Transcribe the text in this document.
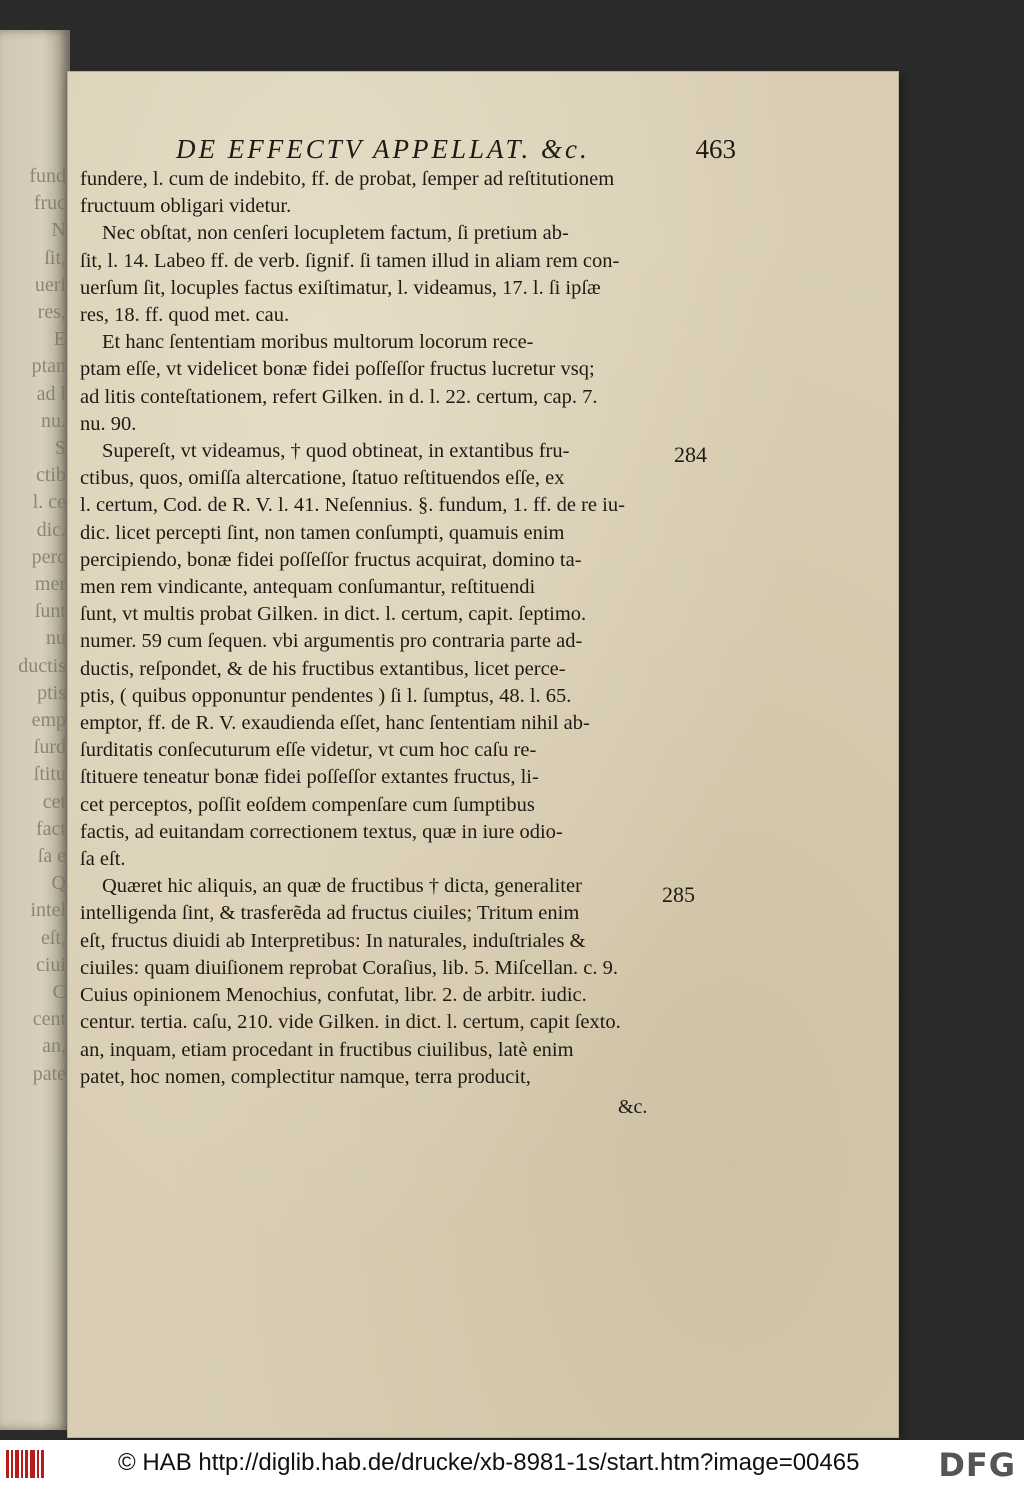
fund
fruc
N
ſit,
uerſ
res,
E
ptan
ad l
nu.
S
ctib
l. ce
dic.
perc
mer
ſunt
nu
ductis
ptis
emp
ſurd
ſtitu
cet
fact
ſa e
Q
intel
eſt,
ciui
C
cent
an,
pate
DE EFFECTV APPELLAT. &c.	463
fundere, l. cum de indebito, ff. de probat, ſemper ad reſtitutionem
fructuum obligari videtur.
Nec obſtat, non cenſeri locupletem factum, ſi pretium ab-
ſit, l. 14. Labeo ff. de verb. ſignif. ſi tamen illud in aliam rem con-
uerſum ſit, locuples factus exiſtimatur, l. videamus, 17. l. ſi ipſæ
res, 18. ff. quod met. cau.
Et hanc ſententiam moribus multorum locorum rece-
ptam eſſe, vt videlicet bonæ fidei poſſeſſor fructus lucretur vsq;
ad litis conteſtationem, refert Gilken. in d. l. 22. certum, cap. 7.
nu. 90.
Supereſt, vt videamus, † quod obtineat, in extantibus fru-
ctibus, quos, omiſſa altercatione, ſtatuo reſtituendos eſſe, ex
l. certum, Cod. de R. V. l. 41. Neſennius. §. fundum, 1. ff. de re iu-
dic. licet percepti ſint, non tamen conſumpti, quamuis enim
percipiendo, bonæ fidei poſſeſſor fructus acquirat, domino ta-
men rem vindicante, antequam conſumantur, reſtituendi
ſunt, vt multis probat Gilken. in dict. l. certum, capit. ſeptimo.
numer. 59 cum ſequen. vbi argumentis pro contraria parte ad-
ductis, reſpondet, & de his fructibus extantibus, licet perce-
ptis, ( quibus opponuntur pendentes ) ſi l. ſumptus, 48. l. 65.
emptor, ff. de R. V. exaudienda eſſet, hanc ſententiam nihil ab-
ſurditatis conſecuturum eſſe videtur, vt cum hoc caſu re-
ſtituere teneatur bonæ fidei poſſeſſor extantes fructus, li-
cet perceptos, poſſit eoſdem compenſare cum ſumptibus
factis, ad euitandam correctionem textus, quæ in iure odio-
ſa eſt.
Quæret hic aliquis, an quæ de fructibus † dicta, generaliter
intelligenda ſint, & trasferẽda ad fructus ciuiles; Tritum enim
eſt, fructus diuidi ab Interpretibus: In naturales, induſtriales &
ciuiles: quam diuiſionem reprobat Coraſius, lib. 5. Miſcellan. c. 9.
Cuius opinionem Menochius, confutat, libr. 2. de arbitr. iudic.
centur. tertia. caſu, 210. vide Gilken. in dict. l. certum, capit ſexto.
an, inquam, etiam procedant in fructibus ciuilibus, latè enim
patet, hoc nomen, complectitur namque, terra producit,
284
285
&c.
© HAB http://diglib.hab.de/drucke/xb-8981-1s/start.htm?image=00465 DFG
